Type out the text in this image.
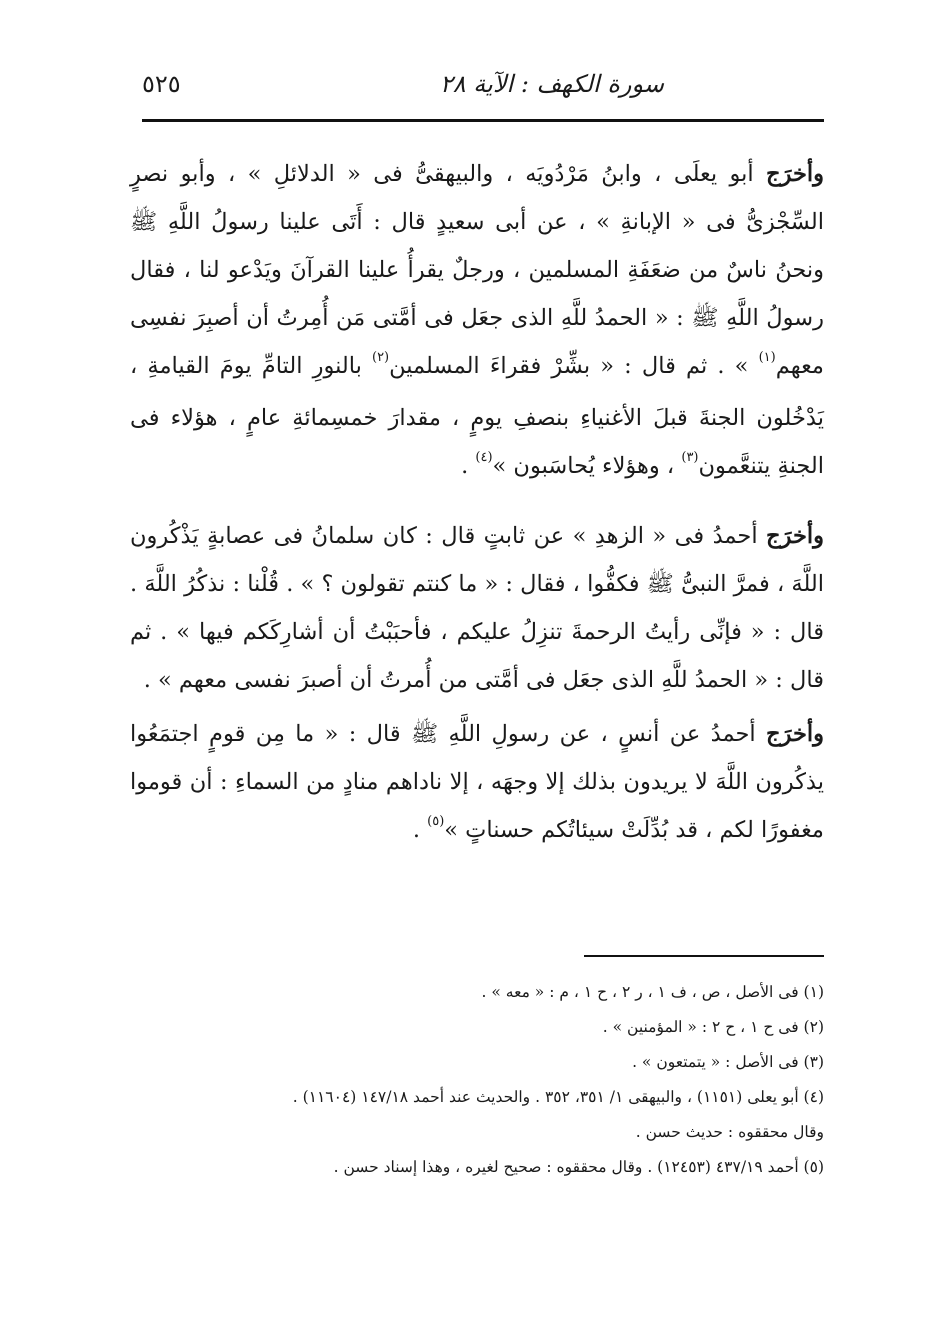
سورة الكهف : الآية ٢٨
٥٢٥

وأخرَج أبو يعلَى ، وابنُ مَرْدُويَه ، والبيهقىُّ فى « الدلائلِ » ، وأبو نصرٍ السِّجْزىُّ فى « الإبانةِ » ، عن أبى سعيدٍ قال : أَتَى علينا رسولُ اللَّهِ ﷺ ونحنُ ناسٌ من ضعَفَةِ المسلمين ، ورجلٌ يقرأُ علينا القرآنَ ويَدْعو لنا ، فقال رسولُ اللَّهِ ﷺ : « الحمدُ للَّهِ الذى جعَل فى أمَّتى مَن أُمِرتُ أن أصبِرَ نفسِى معهم$^{(١)}$ » . ثم قال : « بشِّرْ فقراءَ المسلمين$^{(٢)}$ بالنورِ التامِّ يومَ القيامةِ ، يَدْخُلون الجنةَ قبلَ الأغنياءِ بنصفِ يومٍ ، مقدارَ خمسِمائةِ عامٍ ، هؤلاء فى الجنةِ يتنعَّمون$^{(٣)}$ ، وهؤلاء يُحاسَبون »$^{(٤)}$ .

وأخرَج أحمدُ فى « الزهدِ » عن ثابتٍ قال : كان سلمانُ فى عصابةٍ يَذْكُرون اللَّهَ ، فمرَّ النبىُّ ﷺ فكفُّوا ، فقال : « ما كنتم تقولون ؟ » . قُلْنا : نذكُرُ اللَّهَ . قال : « فإنِّى رأيتُ الرحمةَ تنزِلُ عليكم ، فأحبَبْتُ أن أشارِكَكم فيها » . ثم قال : « الحمدُ للَّهِ الذى جعَل فى أمَّتى من أُمرتُ أن أصبرَ نفسى معهم » .

وأخرَج أحمدُ عن أنسٍ ، عن رسولِ اللَّهِ ﷺ قال : « ما مِن قومٍ اجتمَعُوا يذكُرون اللَّهَ لا يريدون بذلك إلا وجهَه ، إلا ناداهم منادٍ من السماءِ : أن قوموا مغفورًا لكم ، قد بُدِّلَتْ سيئاتُكم حسناتٍ »$^{(٥)}$ .

(١) فى الأصل ، ص ، ف ١ ، ر ٢ ، ح ١ ، م : « معه » .
(٢) فى ح ١ ، ح ٢ : « المؤمنين » .
(٣) فى الأصل : « يتمتعون » .
(٤) أبو يعلى (١١٥١) ، والبيهقى ١/ ٣٥١، ٣٥٢ . والحديث عند أحمد ١٤٧/١٨ (١١٦٠٤) .
وقال محققوه : حديث حسن .
(٥) أحمد ٤٣٧/١٩ (١٢٤٥٣) . وقال محققوه : صحيح لغيره ، وهذا إسناد حسن .
